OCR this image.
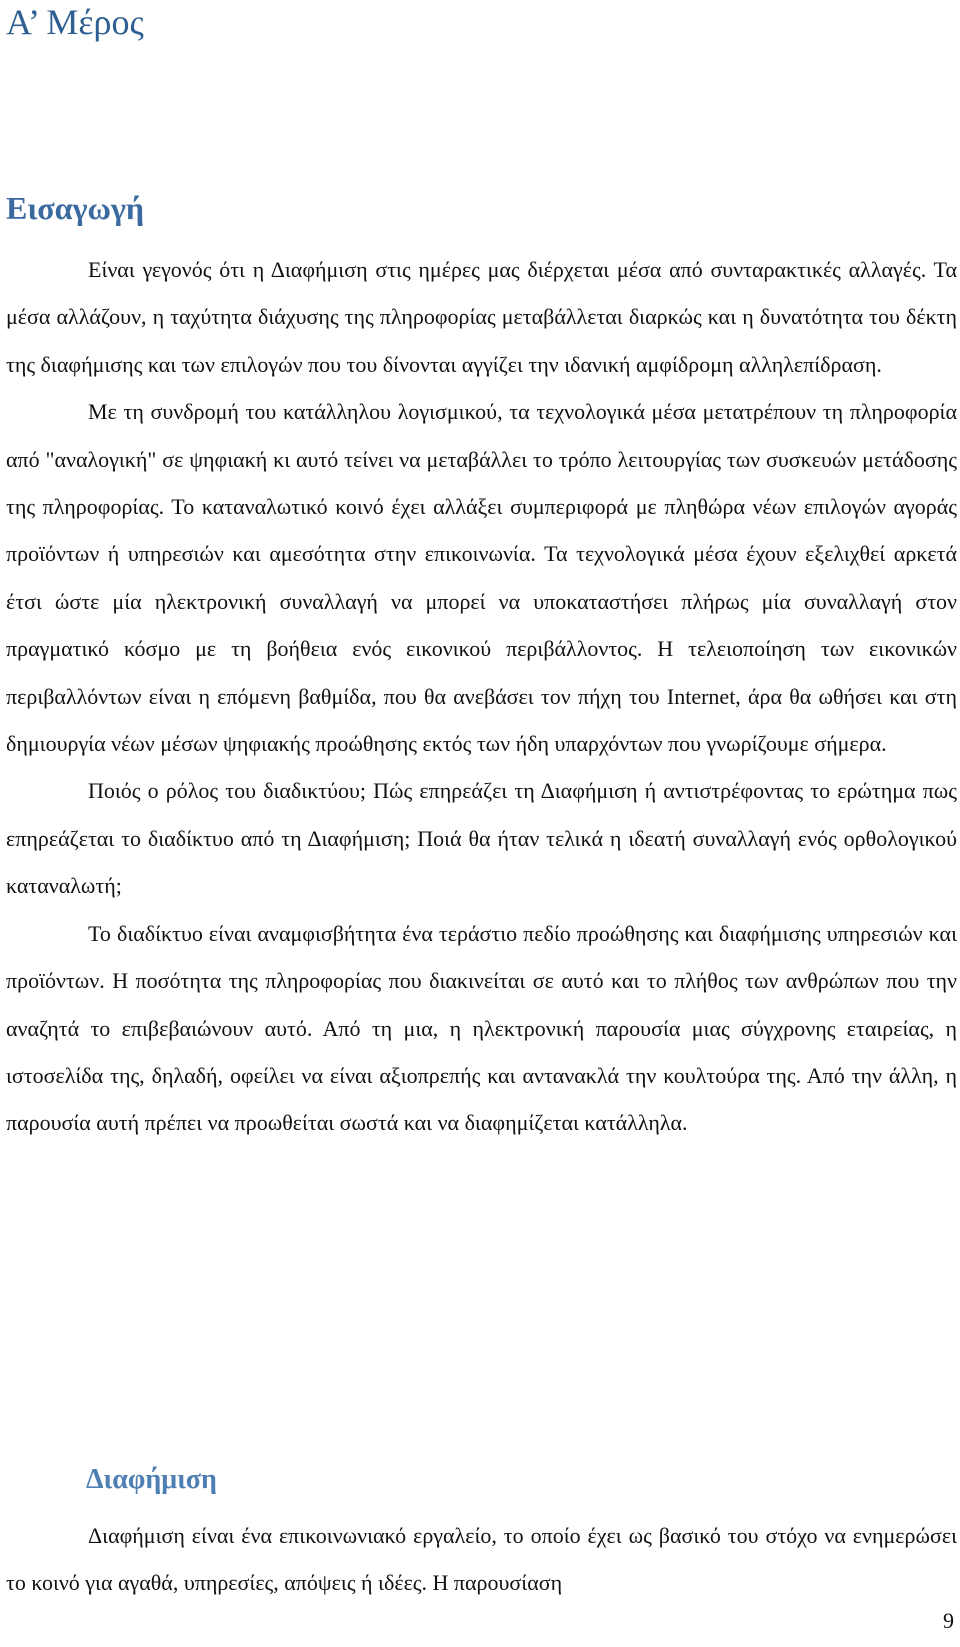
Α’ Μέρος
Εισαγωγή

Είναι γεγονός ότι η Διαφήμιση στις ημέρες μας διέρχεται μέσα από συνταρακτικές αλλαγές. Τα μέσα αλλάζουν, η ταχύτητα διάχυσης της πληροφορίας μεταβάλλεται διαρκώς και η δυνατότητα του δέκτη της διαφήμισης και των επιλογών που του δίνονται αγγίζει την ιδανική αμφίδρομη αλληλεπίδραση.

Με τη συνδρομή του κατάλληλου λογισμικού, τα τεχνολογικά μέσα μετατρέπουν τη πληροφορία από "αναλογική" σε ψηφιακή κι αυτό τείνει να μεταβάλλει το τρόπο λειτουργίας των συσκευών μετάδοσης της πληροφορίας. Το καταναλωτικό κοινό έχει αλλάξει συμπεριφορά με πληθώρα νέων επιλογών αγοράς προϊόντων ή υπηρεσιών και αμεσότητα στην επικοινωνία. Τα τεχνολογικά μέσα έχουν εξελιχθεί αρκετά έτσι ώστε μία ηλεκτρονική συναλλαγή να μπορεί να υποκαταστήσει πλήρως μία συναλλαγή στον πραγματικό κόσμο με τη βοήθεια ενός εικονικού περιβάλλοντος. Η τελειοποίηση των εικονικών περιβαλλόντων είναι η επόμενη βαθμίδα, που θα ανεβάσει τον πήχη του Internet, άρα θα ωθήσει και στη δημιουργία νέων μέσων ψηφιακής προώθησης εκτός των ήδη υπαρχόντων που γνωρίζουμε σήμερα.

Ποιός ο ρόλος του διαδικτύου; Πώς επηρεάζει τη Διαφήμιση ή αντιστρέφοντας το ερώτημα πως επηρεάζεται το διαδίκτυο από τη Διαφήμιση; Ποιά θα ήταν τελικά η ιδεατή συναλλαγή ενός ορθολογικού καταναλωτή;

Το διαδίκτυο είναι αναμφισβήτητα ένα τεράστιο πεδίο προώθησης και διαφήμισης υπηρεσιών και προϊόντων. Η ποσότητα της πληροφορίας που διακινείται σε αυτό και το πλήθος των ανθρώπων που την αναζητά το επιβεβαιώνουν αυτό. Από τη μια, η ηλεκτρονική παρουσία μιας σύγχρονης εταιρείας, η ιστοσελίδα της, δηλαδή, οφείλει να είναι αξιοπρεπής και αντανακλά την κουλτούρα της. Από την άλλη, η παρουσία αυτή πρέπει να προωθείται σωστά και να διαφημίζεται κατάλληλα.

Διαφήμιση

Διαφήμιση είναι ένα επικοινωνιακό εργαλείο, το οποίο έχει ως βασικό του στόχο να ενημερώσει το κοινό για αγαθά, υπηρεσίες, απόψεις ή ιδέες. Η παρουσίαση

9
